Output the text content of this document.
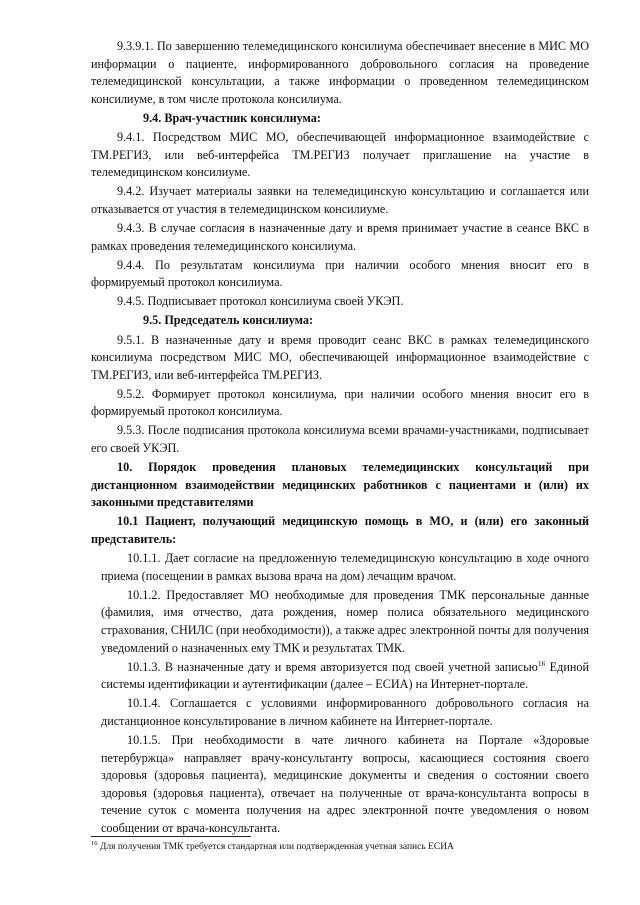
9.3.9.1. По завершению телемедицинского консилиума обеспечивает внесение в МИС МО информации о пациенте, информированного добровольного согласия на проведение телемедицинской консультации, а также информации о проведенном телемедицинском консилиуме, в том числе протокола консилиума.

9.4. Врач-участник консилиума:

9.4.1. Посредством МИС МО, обеспечивающей информационное взаимодействие с ТМ.РЕГИЗ, или веб-интерфейса ТМ.РЕГИЗ получает приглашение на участие в телемедицинском консилиуме.

9.4.2. Изучает материалы заявки на телемедицинскую консультацию и соглашается или отказывается от участия в телемедицинском консилиуме.

9.4.3. В случае согласия в назначенные дату и время принимает участие в сеансе ВКС в рамках проведения телемедицинского консилиума.

9.4.4. По результатам консилиума при наличии особого мнения вносит его в формируемый протокол консилиума.

9.4.5. Подписывает протокол консилиума своей УКЭП.

9.5. Председатель консилиума:

9.5.1. В назначенные дату и время проводит сеанс ВКС в рамках телемедицинского консилиума посредством МИС МО, обеспечивающей информационное взаимодействие с ТМ.РЕГИЗ, или веб-интерфейса ТМ.РЕГИЗ.

9.5.2. Формирует протокол консилиума, при наличии особого мнения вносит его в формируемый протокол консилиума.

9.5.3. После подписания протокола консилиума всеми врачами-участниками, подписывает его своей УКЭП.

10. Порядок проведения плановых телемедицинских консультаций при дистанционном взаимодействии медицинских работников с пациентами и (или) их законными представителями

10.1 Пациент, получающий медицинскую помощь в МО, и (или) его законный представитель:

10.1.1. Дает согласие на предложенную телемедицинскую консультацию в ходе очного приема (посещении в рамках вызова врача на дом) лечащим врачом.

10.1.2. Предоставляет МО необходимые для проведения ТМК персональные данные (фамилия, имя отчество, дата рождения, номер полиса обязательного медицинского страхования, СНИЛС (при необходимости)), а также адрес электронной почты для получения уведомлений о назначенных ему ТМК и результатах ТМК.

10.1.3. В назначенные дату и время авторизуется под своей учетной записью$^{16}$ Единой системы идентификации и аутентификации (далее – ЕСИА) на Интернет-портале.

10.1.4. Соглашается с условиями информированного добровольного согласия на дистанционное консультирование в личном кабинете на Интернет-портале.

10.1.5. При необходимости в чате личного кабинета на Портале «Здоровые петербуржца» направляет врачу-консультанту вопросы, касающиеся состояния своего здоровья (здоровья пациента), медицинские документы и сведения о состоянии своего здоровья (здоровья пациента), отвечает на полученные от врача-консультанта вопросы в течение суток с момента получения на адрес электронной почте уведомления о новом сообщении от врача-консультанта.

$^{16}$ Для получения ТМК требуется стандартная или подтвержденная учетная запись ЕСИА
